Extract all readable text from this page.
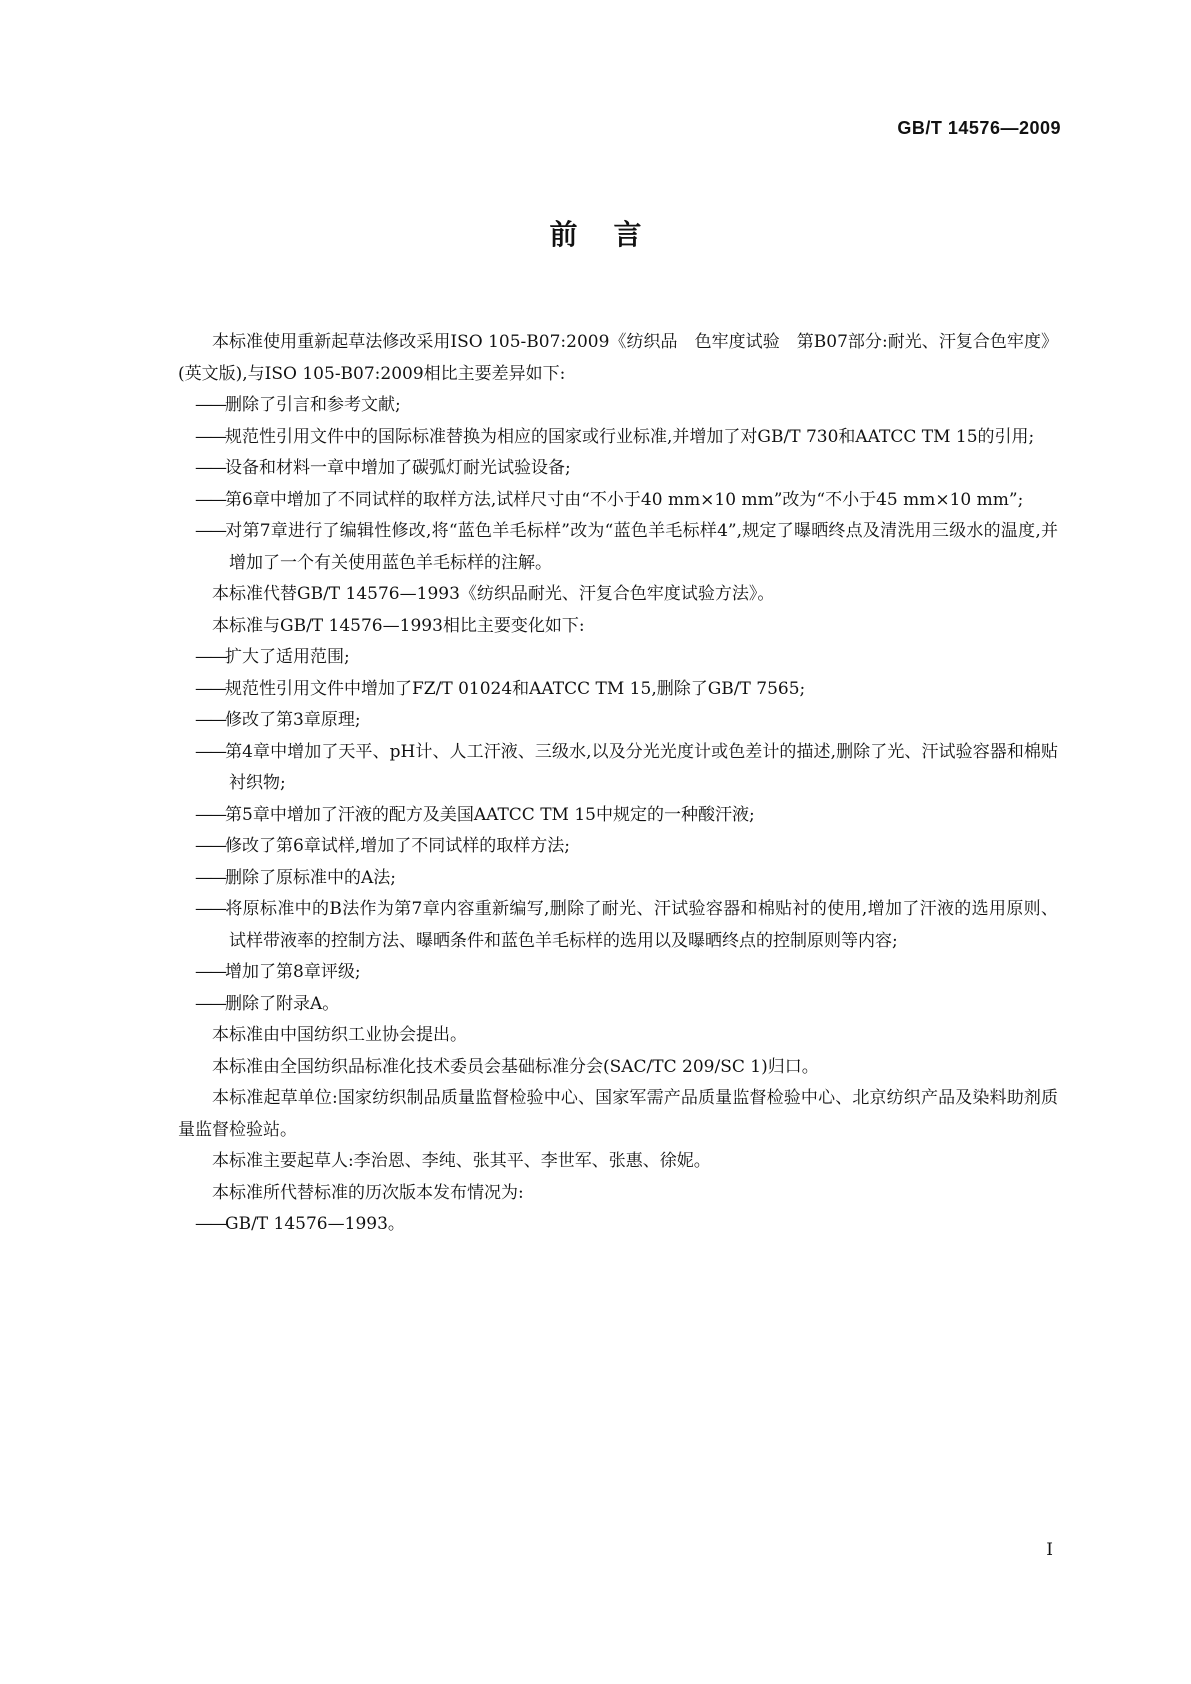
GB/T 14576—2009
前言

本标准使用重新起草法修改采用ISO 105-B07:2009《纺织品　色牢度试验　第B07部分:耐光、汗复合色牢度》(英文版),与ISO 105-B07:2009相比主要差异如下:

——删除了引言和参考文献;

——规范性引用文件中的国际标准替换为相应的国家或行业标准,并增加了对GB/T 730和AATCC TM 15的引用;

——设备和材料一章中增加了碳弧灯耐光试验设备;

——第6章中增加了不同试样的取样方法,试样尺寸由“不小于40 mm×10 mm”改为“不小于45 mm×10 mm”;

——对第7章进行了编辑性修改,将“蓝色羊毛标样”改为“蓝色羊毛标样4”,规定了曝晒终点及清洗用三级水的温度,并增加了一个有关使用蓝色羊毛标样的注解。

本标准代替GB/T 14576—1993《纺织品耐光、汗复合色牢度试验方法》。

本标准与GB/T 14576—1993相比主要变化如下:

——扩大了适用范围;

——规范性引用文件中增加了FZ/T 01024和AATCC TM 15,删除了GB/T 7565;

——修改了第3章原理;

——第4章中增加了天平、pH计、人工汗液、三级水,以及分光光度计或色差计的描述,删除了光、汗试验容器和棉贴衬织物;

——第5章中增加了汗液的配方及美国AATCC TM 15中规定的一种酸汗液;

——修改了第6章试样,增加了不同试样的取样方法;

——删除了原标准中的A法;

——将原标准中的B法作为第7章内容重新编写,删除了耐光、汗试验容器和棉贴衬的使用,增加了汗液的选用原则、试样带液率的控制方法、曝晒条件和蓝色羊毛标样的选用以及曝晒终点的控制原则等内容;

——增加了第8章评级;

——删除了附录A。

本标准由中国纺织工业协会提出。

本标准由全国纺织品标准化技术委员会基础标准分会(SAC/TC 209/SC 1)归口。

本标准起草单位:国家纺织制品质量监督检验中心、国家军需产品质量监督检验中心、北京纺织产品及染料助剂质量监督检验站。

本标准主要起草人:李治恩、李纯、张其平、李世军、张惠、徐妮。

本标准所代替标准的历次版本发布情况为:

——GB/T 14576—1993。

I
